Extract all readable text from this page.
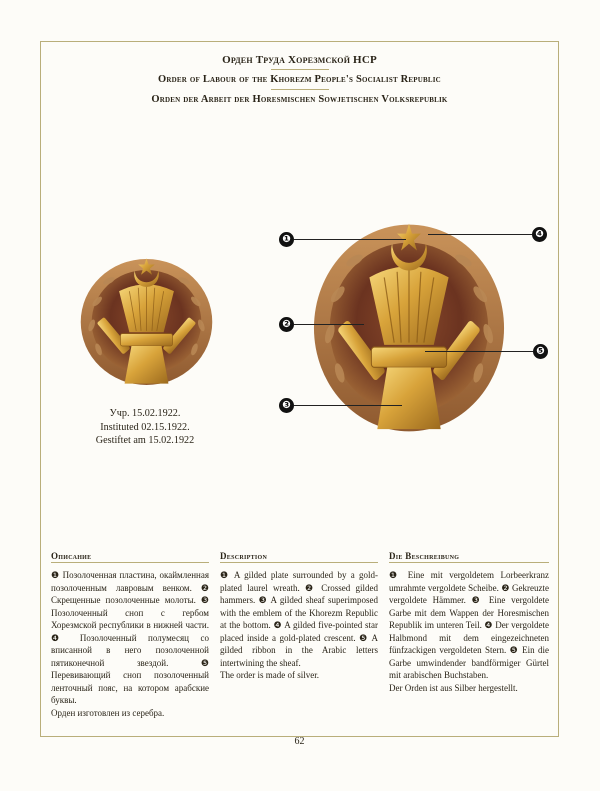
Орден Труда Хорезмской НСР
Order of Labour of the Khorezm People's Socialist Republic
Orden der Arbeit der Horesmischen Sowjetischen Volksrepublik
Учр. 15.02.1922.
Instituted 02.15.1922.
Gestiftet am 15.02.1922
❶	❹
❷
❺
❸
Описание

❶ Позолоченная пластина, окаймленная позолоченным лавровым венком. ❷ Скрещенные позолоченные молоты. ❸ Позолоченный сноп с гербом Хорезмской республики в нижней части. ❹ Позолоченный полумесяц со вписанной в него позолоченной пятиконечной звездой. ❺ Перевивающий сноп позолоченный ленточный пояс, на котором арабские буквы.

Орден изготовлен из серебра.

Description

❶ A gilded plate surrounded by a gold-plated laurel wreath. ❷ Crossed gilded hammers. ❸ A gilded sheaf superimposed with the emblem of the Khorezm Republic at the bottom. ❹ A gilded five-pointed star placed inside a gold-plated crescent. ❺ A gilded ribbon in the Arabic letters intertwining the sheaf.

The order is made of silver.

Die Beschreibung

❶ Eine mit vergoldetem Lorbeerkranz umrahmte vergoldete Scheibe. ❷ Gekreuzte vergoldete Hämmer. ❸ Eine vergoldete Garbe mit dem Wappen der Horesmischen Republik im unteren Teil. ❹ Der vergoldete Halbmond mit dem eingezeichneten fünfzackigen vergoldeten Stern. ❺ Ein die Garbe umwindender bandförmiger Gürtel mit arabischen Buchstaben.

Der Orden ist aus Silber hergestellt.

62
